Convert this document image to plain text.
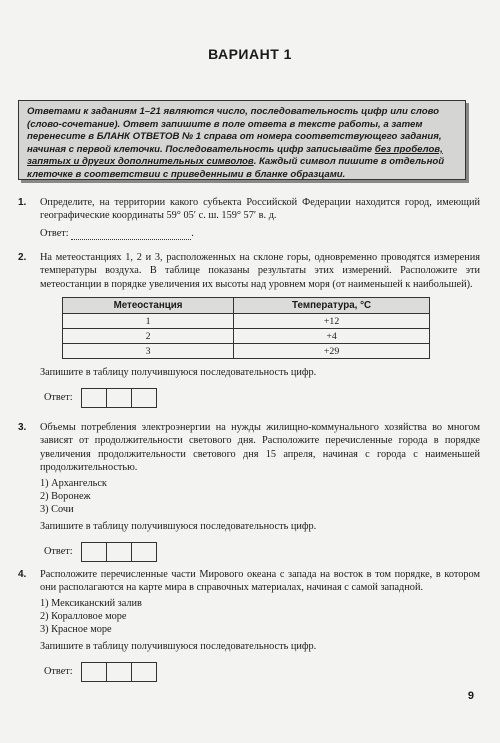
ВАРИАНТ 1
Ответами к заданиям 1–21 являются число, последовательность цифр или слово (слово-сочетание). Ответ запишите в поле ответа в тексте работы, а затем перенесите в БЛАНК ОТВЕТОВ № 1 справа от номера соответствующего задания, начиная с первой клеточки. Последовательность цифр записывайте без пробелов, запятых и других дополнительных символов. Каждый символ пишите в отдельной клеточке в соответствии с приведенными в бланке образцами.
1. Определите, на территории какого субъекта Российской Федерации находится город, имеющий географические координаты 59° 05′ с. ш. 159° 57′ в. д.
Ответ:	.
2. На метеостанциях 1, 2 и 3, расположенных на склоне горы, одновременно проводятся измерения температуры воздуха. В таблице показаны результаты этих измерений. Расположите эти метеостанции в порядке увеличения их высоты над уровнем моря (от наименьшей к наибольшей).
Метеостанция	Температура, °С
1	+12
2	+4
3	+29
Запишите в таблицу получившуюся последовательность цифр.
Ответ:
3. Объемы потребления электроэнергии на нужды жилищно-коммунального хозяйства во многом зависят от продолжительности светового дня. Расположите перечисленные города в порядке увеличения продолжительности светового дня 15 апреля, начиная с города с наименьшей продолжительностью.
1) Архангельск
2) Воронеж
3) Сочи
Запишите в таблицу получившуюся последовательность цифр.
Ответ:
4. Расположите перечисленные части Мирового океана с запада на восток в том порядке, в котором они располагаются на карте мира в справочных материалах, начиная с самой западной.
1) Мексиканский залив
2) Коралловое море
3) Красное море
Запишите в таблицу получившуюся последовательность цифр.
Ответ:
9
